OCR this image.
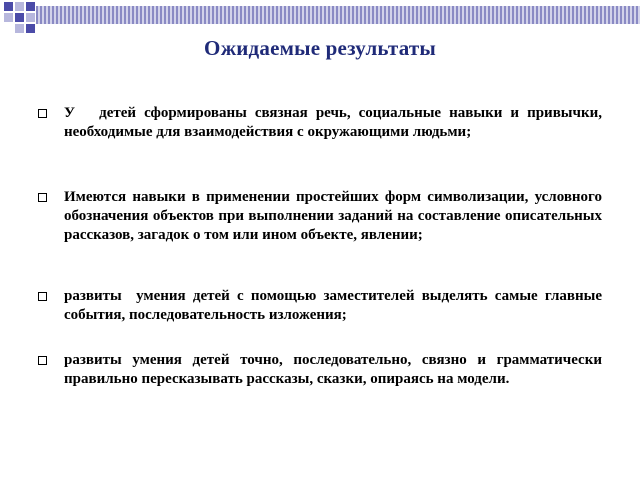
Ожидаемые результаты
У   детей сформированы связная речь, социальные навыки и привычки, необходимые для взаимодействия с окружающими людьми;
Имеются навыки в применении простейших форм символизации, условного обозначения объектов при выполнении заданий на составление описательных рассказов, загадок о том или ином объекте, явлении;
развиты  умения детей с помощью заместителей выделять самые главные события, последовательность изложения;
развиты умения детей точно, последовательно, связно и грамматически правильно пересказывать рассказы, сказки, опираясь на модели.
